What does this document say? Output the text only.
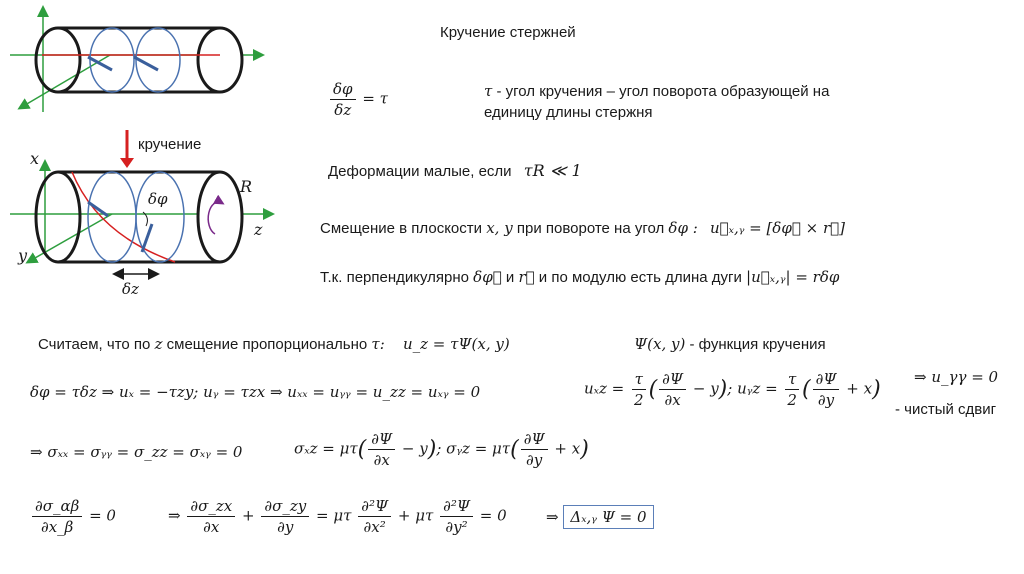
кручение
x
y
z
R
δφ
δz
Кручение стержней
$\frac{\delta\varphi}{\delta z} = \tau$	τ - угол кручения – угол поворота образующей на
единицу длины стержня
Деформации малые, если τR ≪ 1
Смещение в плоскости x, y при повороте на угол δφ : u⃗ₓ,ᵧ = [δφ⃗ × r⃗]
Т.к. перпендикулярно δφ⃗ и r⃗ и по модулю есть длина дуги |u⃗ₓ,ᵧ| = rδφ
Считаем, что по z смещение пропорционально τ: u_z = τΨ(x, y)	Ψ(x, y) - функция кручения
δφ = τδz ⇒ uₓ = −τzy; uᵧ = τzx ⇒ uₓₓ = uᵧᵧ = u_zz = uₓᵧ = 0	$u_xz = \frac{\tau}{2}$ ( $\frac{\partial\Psi}{\partial x} - y$); uᵧz = $\frac{\tau}{2}$ ( $\frac{\partial\Psi}{\partial y} + x$) ⇒ u_γγ = 0
- чистый сдвиг
⇒ σₓₓ = σᵧᵧ = σ_zz = σₓᵧ = 0	$\sigma_xz = \mu\tau( \frac{\partial\Psi}{\partial x} - y)$; σᵧz = $\mu\tau( \frac{\partial\Psi}{\partial y} + x)$
$\frac{\partial\sigma\_\alpha\beta}{\partial x\_\beta} = 0$	⇒ $\frac{\partial\sigma\_zx}{\partial x} + \frac{\partial\sigma\_zy}{\partial y} = \mu\tau \frac{\text{∂²Ψ}}{\text{∂x²}} + \mu\tau \frac{\text{∂²Ψ}}{\text{∂y²}} = 0$	⇒ Δₓ,ᵧ Ψ = 0
